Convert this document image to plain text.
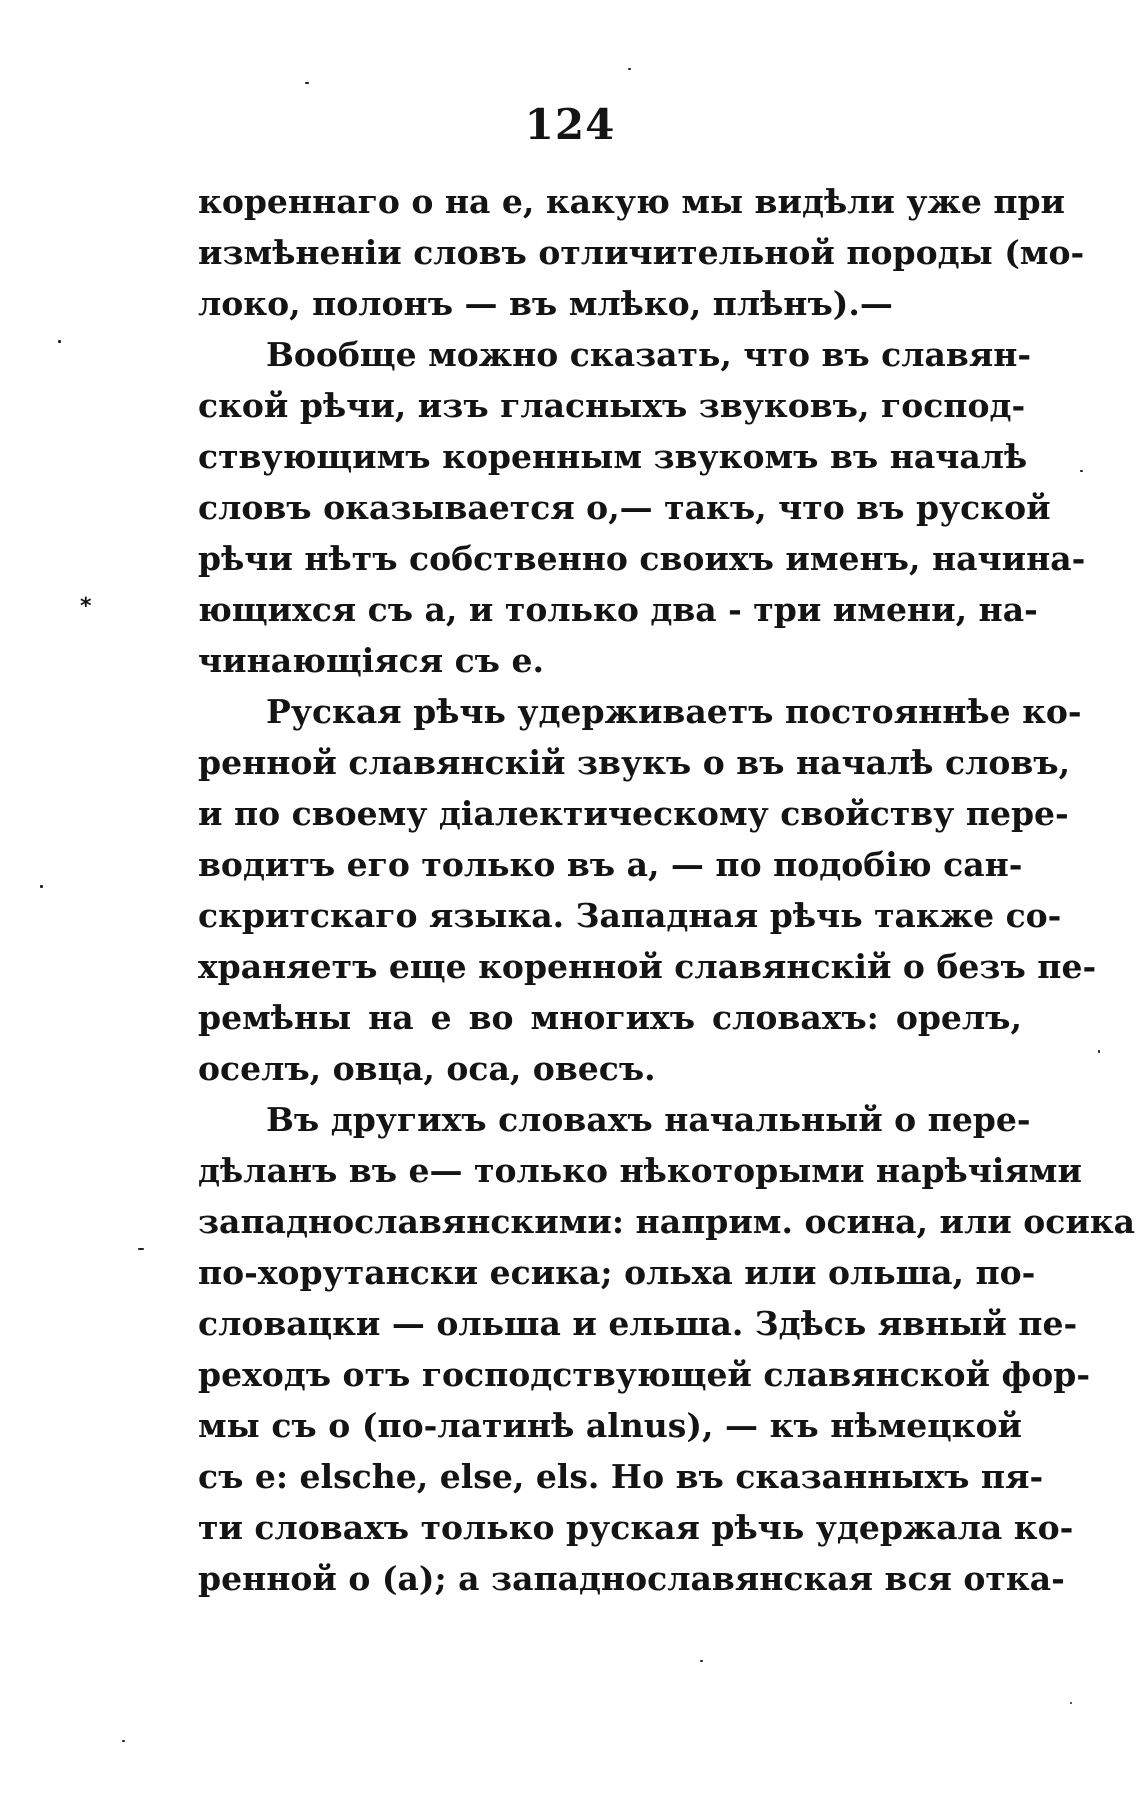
124
*
кореннаго о на е, какую мы видѣли уже при
измѣненіи словъ отличительной породы (мо-
локо, полонъ — въ млѣко, плѣнъ).—
Вообще можно сказать, что въ славян-
ской рѣчи, изъ гласныхъ звуковъ, господ-
ствующимъ коренным звукомъ въ началѣ
словъ оказывается о,— такъ, что въ руской
рѣчи нѣтъ собственно своихъ именъ, начина-
ющихся съ а, и только два - три имени, на-
чинающіяся съ е.
Руская рѣчь удерживаетъ постояннѣе ко-
ренной славянскій звукъ о въ началѣ словъ,
и по своему діалектическому свойству пере-
водитъ его только въ а, — по подобію сан-
скритскаго языка. Западная рѣчь также со-
храняетъ еще коренной славянскій о безъ пе-
ремѣны на е во многихъ словахъ: орелъ,
оселъ, овца, оса, овесъ.
Въ другихъ словахъ начальный о пере-
дѣланъ въ е— только нѣкоторыми нарѣчіями
западнославянскими: наприм. осина, или осика
по-хорутански есика; ольха или ольша, по-
словацки — ольша и ельша. Здѣсь явный пе-
реходъ отъ господствующей славянской фор-
мы съ о (по-латинѣ alnus), — къ нѣмецкой
съ е: elsche, else, els. Но въ сказанныхъ пя-
ти словахъ только руская рѣчь удержала ко-
ренной о (а); а западнославянская вся отка-
